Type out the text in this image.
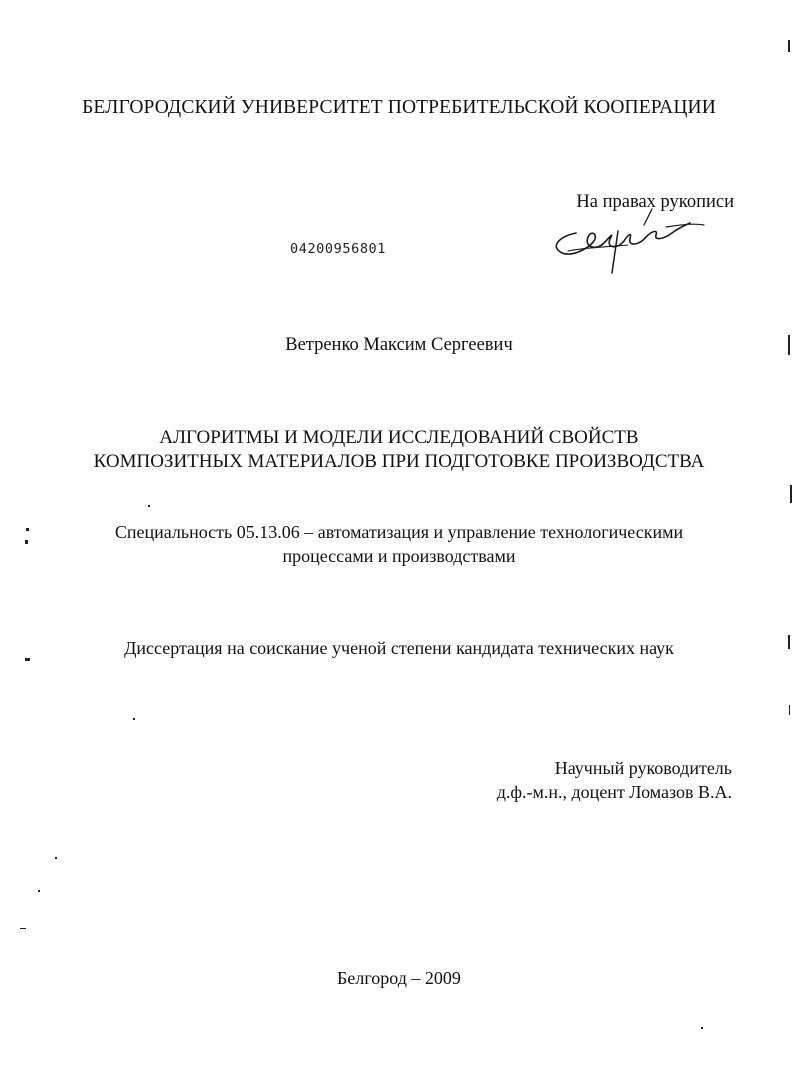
БЕЛГОРОДСКИЙ УНИВЕРСИТЕТ ПОТРЕБИТЕЛЬСКОЙ КООПЕРАЦИИ
На правах рукописи
04200956801
Ветренко Максим Сергеевич
АЛГОРИТМЫ И МОДЕЛИ ИССЛЕДОВАНИЙ СВОЙСТВ
КОМПОЗИТНЫХ МАТЕРИАЛОВ ПРИ ПОДГОТОВКЕ ПРОИЗВОДСТВА
Специальность 05.13.06 – автоматизация и управление технологическими
процессами и производствами
Диссертация на соискание ученой степени кандидата технических наук
Научный руководитель
д.ф.-м.н., доцент Ломазов В.А.
Белгород – 2009
